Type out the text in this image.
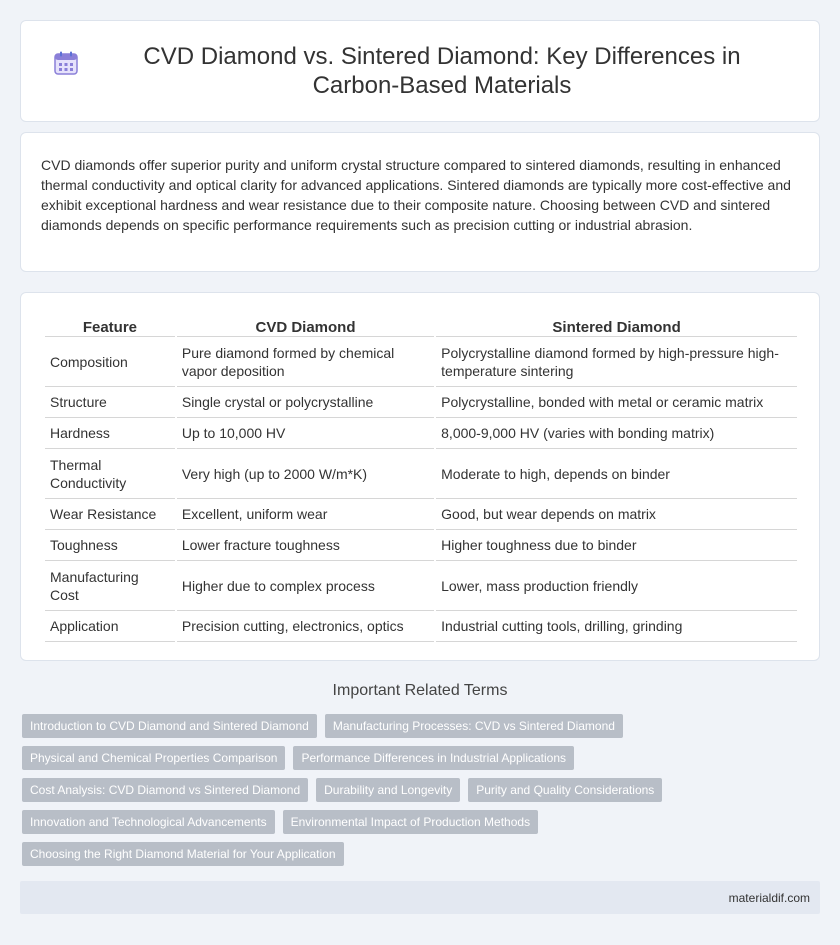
CVD Diamond vs. Sintered Diamond: Key Differences in Carbon-Based Materials

CVD diamonds offer superior purity and uniform crystal structure compared to sintered diamonds, resulting in enhanced thermal conductivity and optical clarity for advanced applications. Sintered diamonds are typically more cost-effective and exhibit exceptional hardness and wear resistance due to their composite nature. Choosing between CVD and sintered diamonds depends on specific performance requirements such as precision cutting or industrial abrasion.

Feature	CVD Diamond	Sintered Diamond
Composition	Pure diamond formed by chemical vapor deposition	Polycrystalline diamond formed by high-pressure high-temperature sintering
Structure	Single crystal or polycrystalline	Polycrystalline, bonded with metal or ceramic matrix
Hardness	Up to 10,000 HV	8,000-9,000 HV (varies with bonding matrix)
Thermal Conductivity	Very high (up to 2000 W/m*K)	Moderate to high, depends on binder
Wear Resistance	Excellent, uniform wear	Good, but wear depends on matrix
Toughness	Lower fracture toughness	Higher toughness due to binder
Manufacturing Cost	Higher due to complex process	Lower, mass production friendly
Application	Precision cutting, electronics, optics	Industrial cutting tools, drilling, grinding
Important Related Terms
Introduction to CVD Diamond and Sintered Diamond	Manufacturing Processes: CVD vs Sintered Diamond
Physical and Chemical Properties Comparison	Performance Differences in Industrial Applications
Cost Analysis: CVD Diamond vs Sintered Diamond	Durability and Longevity	Purity and Quality Considerations
Innovation and Technological Advancements	Environmental Impact of Production Methods
Choosing the Right Diamond Material for Your Application
materialdif.com
